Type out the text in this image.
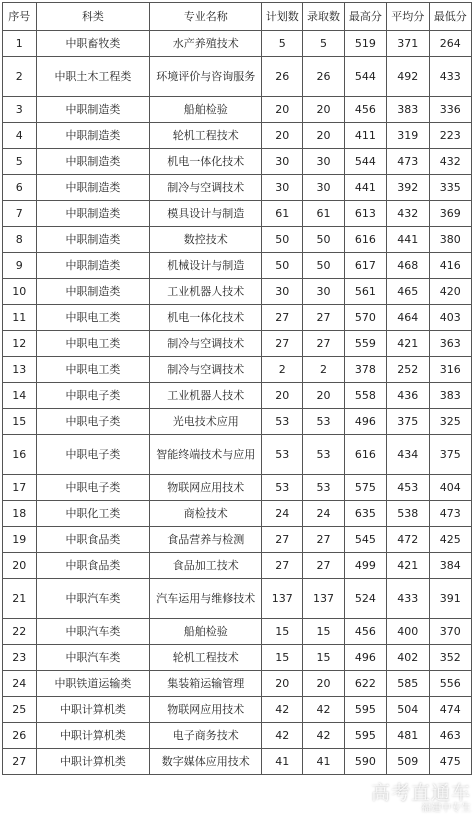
序号	科类	专业名称	计划数	录取数	最高分	平均分	最低分
1	中职畜牧类	水产养殖技术	5	5	519	371	264
2	中职土木工程类	环境评价与咨询服务	26	26	544	492	433
3	中职制造类	船舶检验	20	20	456	383	336
4	中职制造类	轮机工程技术	20	20	411	319	223
5	中职制造类	机电一体化技术	30	30	544	473	432
6	中职制造类	制冷与空调技术	30	30	441	392	335
7	中职制造类	模具设计与制造	61	61	613	432	369
8	中职制造类	数控技术	50	50	616	441	380
9	中职制造类	机械设计与制造	50	50	617	468	416
10	中职制造类	工业机器人技术	30	30	561	465	420
11	中职电工类	机电一体化技术	27	27	570	464	403
12	中职电工类	制冷与空调技术	27	27	559	421	363
13	中职电工类	制冷与空调技术	2	2	378	252	316
14	中职电子类	工业机器人技术	20	20	558	436	383
15	中职电子类	光电技术应用	53	53	496	375	325
16	中职电子类	智能终端技术与应用	53	53	616	434	375
17	中职电子类	物联网应用技术	53	53	575	453	404
18	中职化工类	商检技术	24	24	635	538	473
19	中职食品类	食品营养与检测	27	27	545	472	425
20	中职食品类	食品加工技术	27	27	499	421	384
21	中职汽车类	汽车运用与维修技术	137	137	524	433	391
22	中职汽车类	船舶检验	15	15	456	400	370
23	中职汽车类	轮机工程技术	15	15	496	402	352
24	中职铁道运输类	集装箱运输管理	20	20	622	585	556
25	中职计算机类	物联网应用技术	42	42	595	504	474
26	中职计算机类	电子商务技术	42	42	595	481	463
27	中职计算机类	数字媒体应用技术	41	41	590	509	475
高考直通车
福建中专生
